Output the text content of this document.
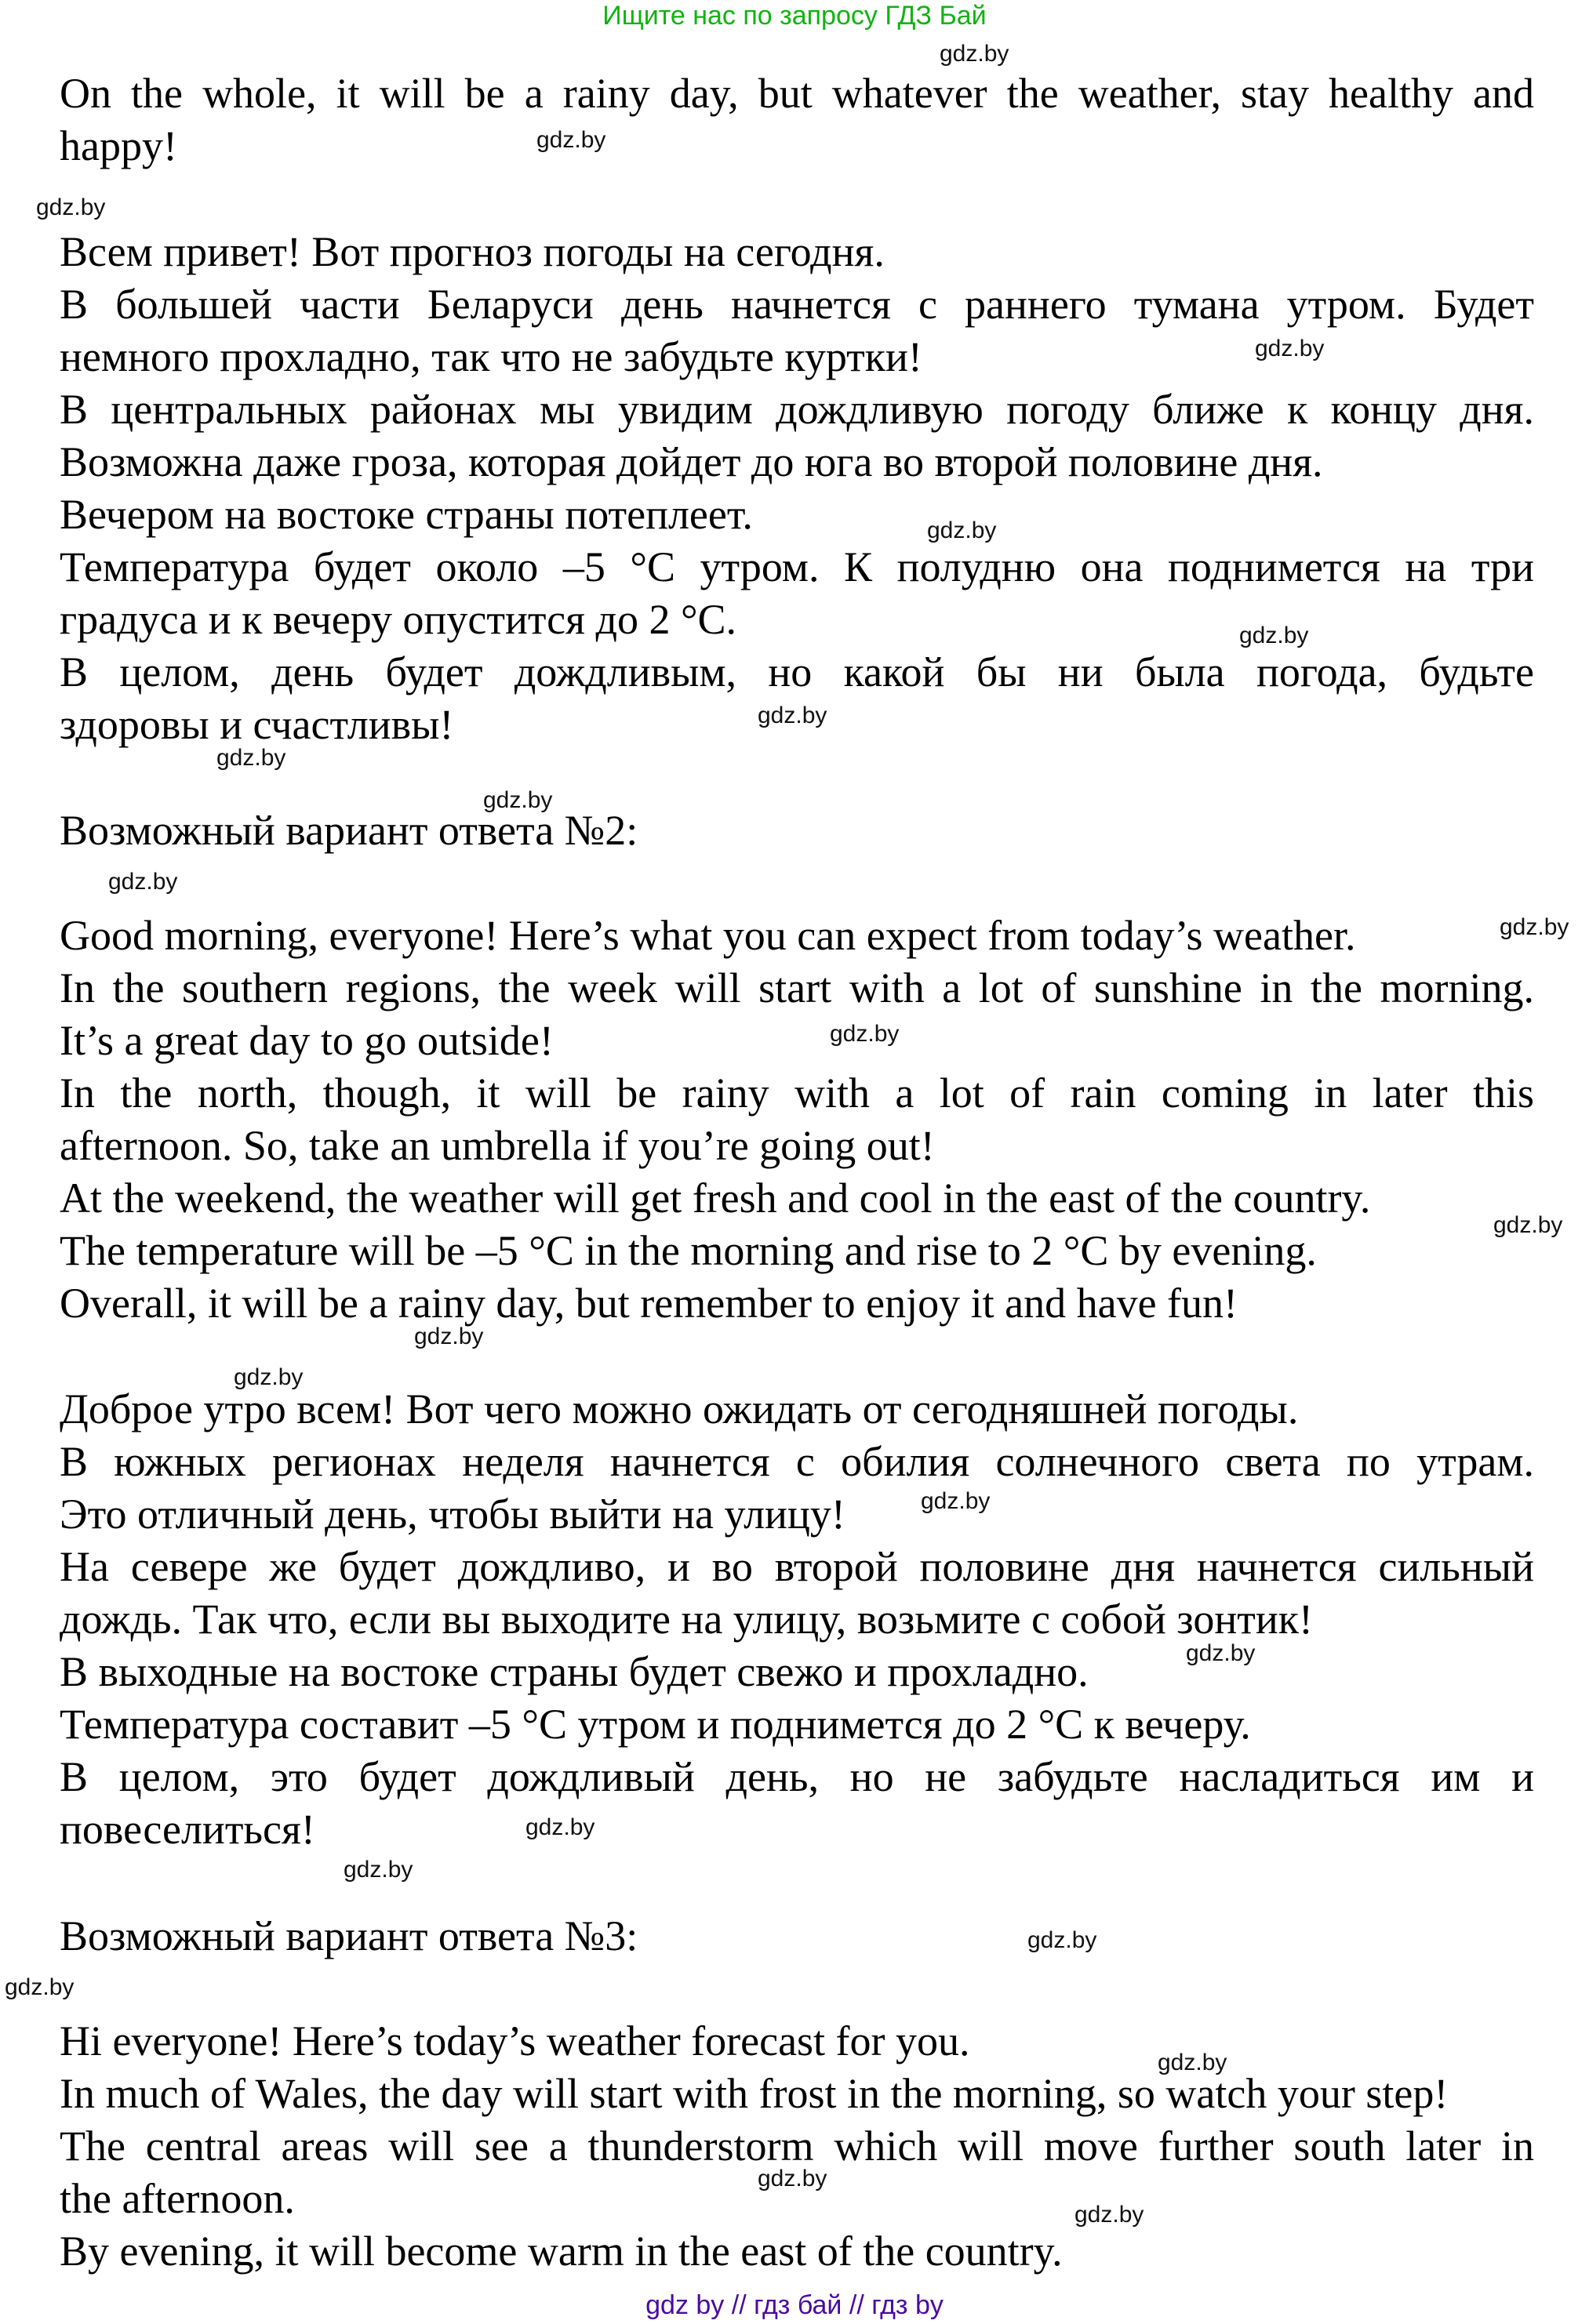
Ищите нас по запросу ГДЗ Бай
On the whole, it will be a rainy day, but whatever the weather, stay healthy and
happy!
Всем привет! Вот прогноз погоды на сегодня.
В большей части Беларуси день начнется с раннего тумана утром. Будет
немного прохладно, так что не забудьте куртки!
В центральных районах мы увидим дождливую погоду ближе к концу дня.
Возможна даже гроза, которая дойдет до юга во второй половине дня.
Вечером на востоке страны потеплеет.
Температура будет около –5 °С утром. К полудню она поднимется на три
градуса и к вечеру опустится до 2 °С.
В целом, день будет дождливым, но какой бы ни была погода, будьте
здоровы и счастливы!
Возможный вариант ответа №2:
Good morning, everyone! Here’s what you can expect from today’s weather.
In the southern regions, the week will start with a lot of sunshine in the morning.
It’s a great day to go outside!
In the north, though, it will be rainy with a lot of rain coming in later this
afternoon. So, take an umbrella if you’re going out!
At the weekend, the weather will get fresh and cool in the east of the country.
The temperature will be –5 °C in the morning and rise to 2 °C by evening.
Overall, it will be a rainy day, but remember to enjoy it and have fun!
Доброе утро всем! Вот чего можно ожидать от сегодняшней погоды.
В южных регионах неделя начнется с обилия солнечного света по утрам.
Это отличный день, чтобы выйти на улицу!
На севере же будет дождливо, и во второй половине дня начнется сильный
дождь. Так что, если вы выходите на улицу, возьмите с собой зонтик!
В выходные на востоке страны будет свежо и прохладно.
Температура составит –5 °С утром и поднимется до 2 °С к вечеру.
В целом, это будет дождливый день, но не забудьте насладиться им и
повеселиться!
Возможный вариант ответа №3:
Hi everyone! Here’s today’s weather forecast for you.
In much of Wales, the day will start with frost in the morning, so watch your step!
The central areas will see a thunderstorm which will move further south later in
the afternoon.
By evening, it will become warm in the east of the country.
gdz.by
gdz.by
gdz.by
gdz.by
gdz.by
gdz.by
gdz.by
gdz.by
gdz.by
gdz.by
gdz.by
gdz.by
gdz.by
gdz.by
gdz.by
gdz.by
gdz.by
gdz.by
gdz.by
gdz.by
gdz.by
gdz.by
gdz.by
gdz.by
gdz by // гдз бай // гдз by
